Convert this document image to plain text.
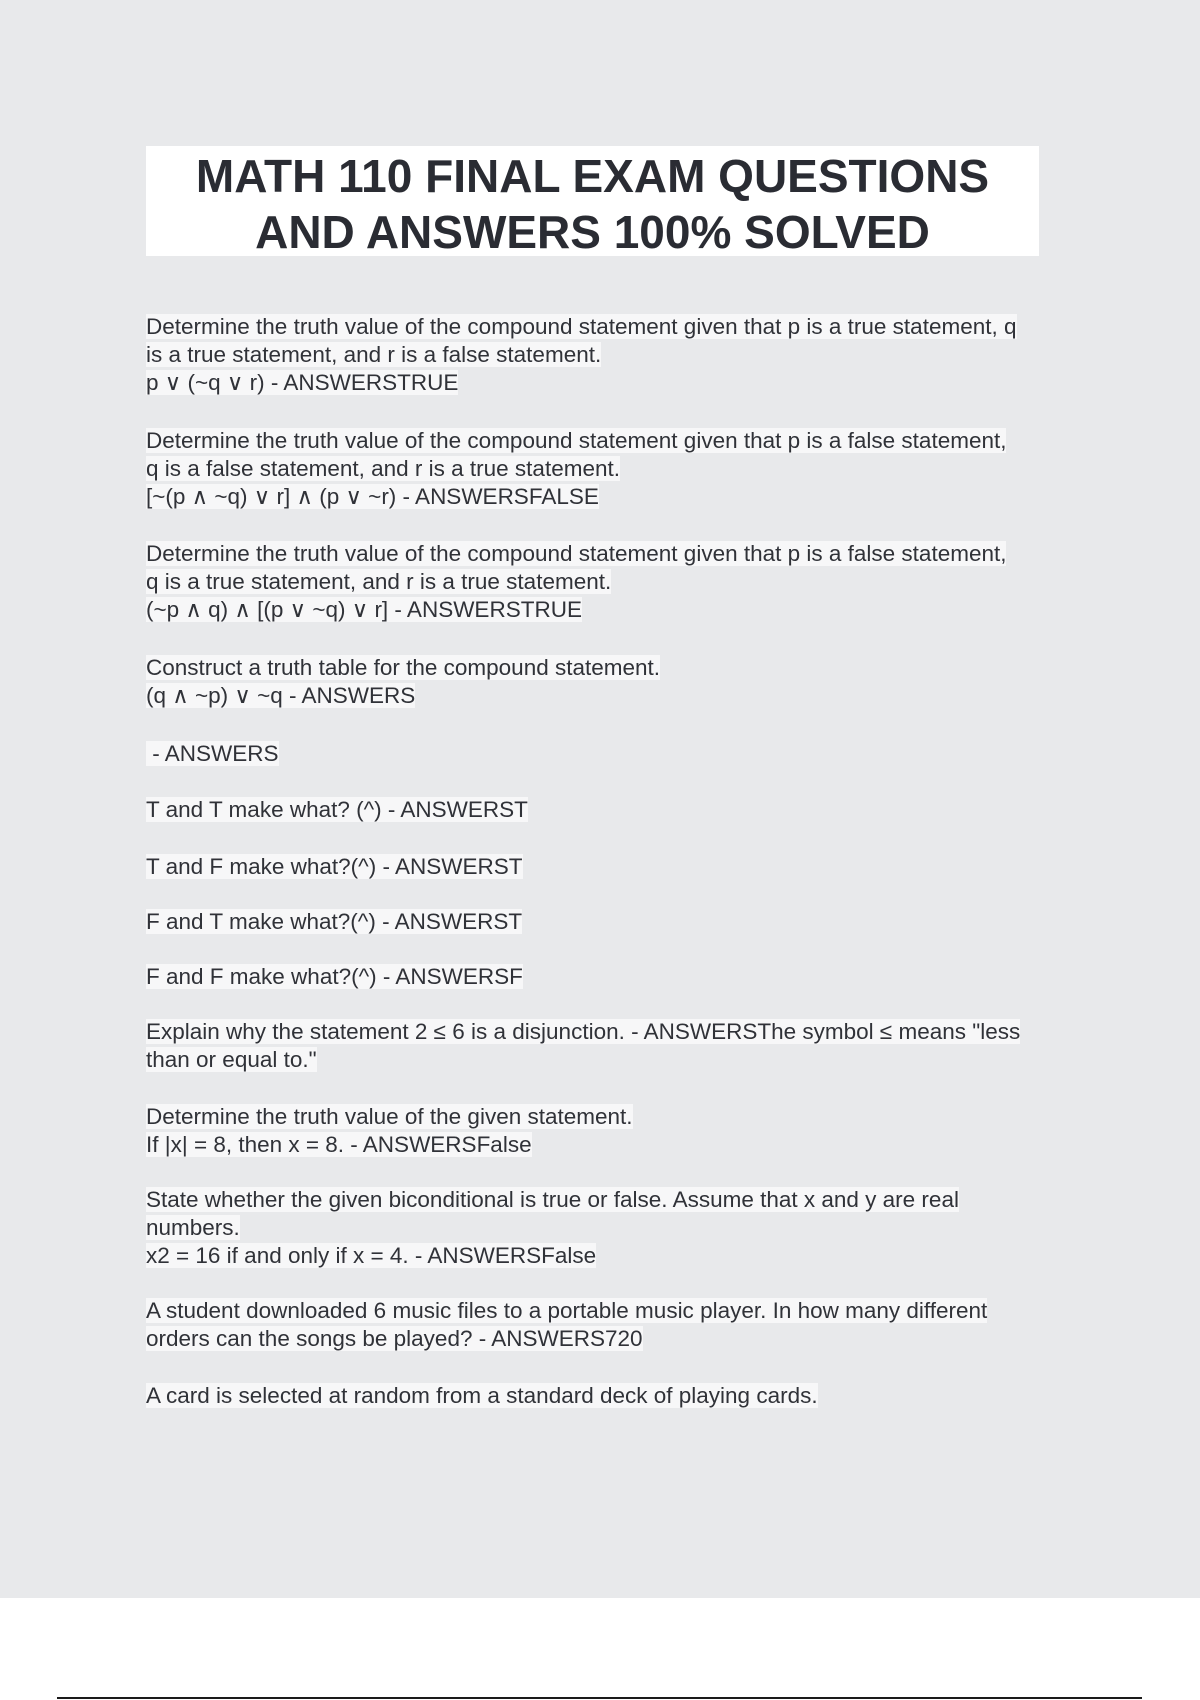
MATH 110 FINAL EXAM QUESTIONS
AND ANSWERS 100% SOLVED
Determine the truth value of the compound statement given that p is a true statement, q
is a true statement, and r is a false statement.
p ∨ (~q ∨ r) - ANSWERSTRUE
Determine the truth value of the compound statement given that p is a false statement,
q is a false statement, and r is a true statement.
[~(p ∧ ~q) ∨ r] ∧ (p ∨ ~r) - ANSWERSFALSE
Determine the truth value of the compound statement given that p is a false statement,
q is a true statement, and r is a true statement.
(~p ∧ q) ∧ [(p ∨ ~q) ∨ r] - ANSWERSTRUE
Construct a truth table for the compound statement.
(q ∧ ~p) ∨ ~q - ANSWERS
- ANSWERS
T and T make what? (^) - ANSWERST
T and F make what?(^) - ANSWERST
F and T make what?(^) - ANSWERST
F and F make what?(^) - ANSWERSF
Explain why the statement 2 ≤ 6 is a disjunction. - ANSWERSThe symbol ≤ means "less
than or equal to."
Determine the truth value of the given statement.
If |x| = 8, then x = 8. - ANSWERSFalse
State whether the given biconditional is true or false. Assume that x and y are real
numbers.
x2 = 16 if and only if x = 4. - ANSWERSFalse
A student downloaded 6 music files to a portable music player. In how many different
orders can the songs be played? - ANSWERS720
A card is selected at random from a standard deck of playing cards.
